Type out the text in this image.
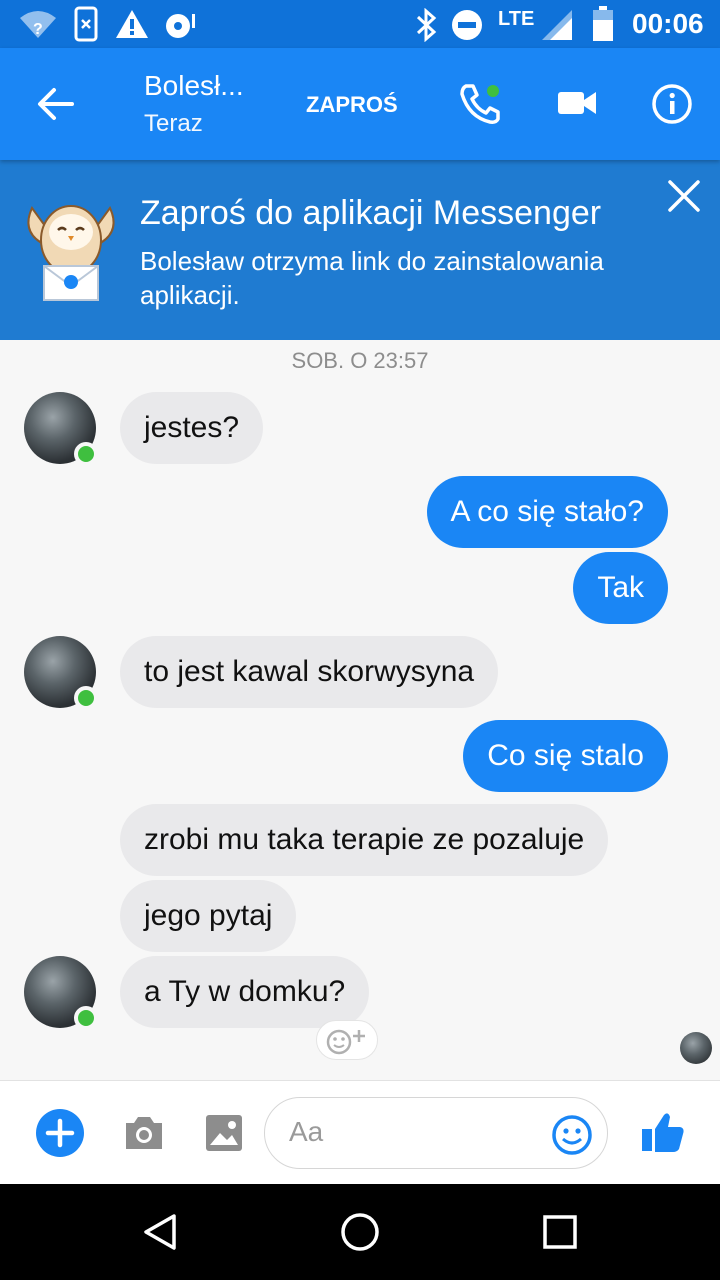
?	LTE	00:06
Bolesł...
Teraz
ZAPROŚ
Zaproś do aplikacji Messenger
Bolesław otrzyma link do zainstalowania
aplikacji.
SOB. O 23:57
jestes?
A co się stało?
Tak
to jest kawal skorwysyna
Co się stalo
zrobi mu taka terapie ze pozaluje
jego pytaj
a Ty w domku?
Aa
